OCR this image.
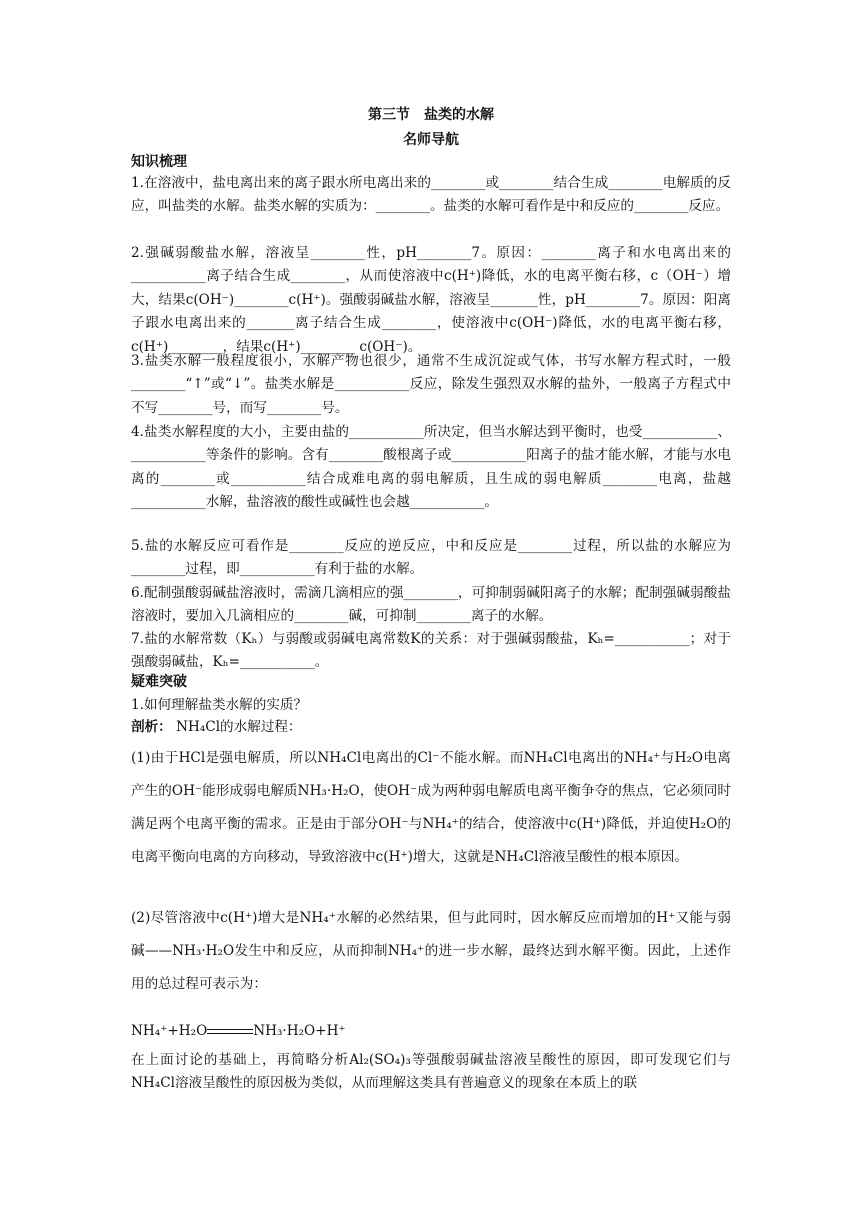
第三节　盐类的水解
名师导航
知识梳理
1.在溶液中，盐电离出来的离子跟水所电离出来的________或________结合生成________电解质的反应，叫盐类的水解。盐类水解的实质为：________。盐类的水解可看作是中和反应的________反应。
2.强碱弱酸盐水解，溶液呈________性，pH________7。原因：________离子和水电离出来的___________离子结合生成________，从而使溶液中c(H⁺)降低，水的电离平衡右移，c（OH⁻）增大，结果c(OH⁻)________c(H⁺)。强酸弱碱盐水解，溶液呈_______性，pH________7。原因：阳离子跟水电离出来的_______离子结合生成________，使溶液中c(OH⁻)降低，水的电离平衡右移，c(H⁺)________，结果c(H⁺)________ c(OH⁻)。
3.盐类水解一般程度很小，水解产物也很少，通常不生成沉淀或气体，书写水解方程式时，一般________“↑”或“↓”。盐类水解是___________反应，除发生强烈双水解的盐外，一般离子方程式中不写________号，而写________号。
4.盐类水解程度的大小，主要由盐的___________所决定，但当水解达到平衡时，也受___________、___________等条件的影响。含有________酸根离子或___________阳离子的盐才能水解，才能与水电离的________或___________结合成难电离的弱电解质，且生成的弱电解质________电离，盐越___________水解，盐溶液的酸性或碱性也会越___________。
5.盐的水解反应可看作是________反应的逆反应，中和反应是________过程，所以盐的水解应为________过程，即___________有利于盐的水解。
6.配制强酸弱碱盐溶液时，需滴几滴相应的强________，可抑制弱碱阳离子的水解；配制强碱弱酸盐溶液时，要加入几滴相应的________碱，可抑制________离子的水解。
7.盐的水解常数（Kₕ）与弱酸或弱碱电离常数K的关系：对于强碱弱酸盐，Kₕ=___________；对于强酸弱碱盐，Kₕ=___________。
疑难突破
1.如何理解盐类水解的实质？
剖析： NH₄Cl的水解过程：
(1)由于HCl是强电解质，所以NH₄Cl电离出的Cl⁻不能水解。而NH₄Cl电离出的NH₄⁺与H₂O电离产生的OH⁻能形成弱电解质NH₃·H₂O，使OH⁻成为两种弱电解质电离平衡争夺的焦点，它必须同时满足两个电离平衡的需求。正是由于部分OH⁻与NH₄⁺的结合，使溶液中c(H⁺)降低，并迫使H₂O的电离平衡向电离的方向移动，导致溶液中c(H⁺)增大，这就是NH₄Cl溶液呈酸性的根本原因。
(2)尽管溶液中c(H⁺)增大是NH₄⁺水解的必然结果，但与此同时，因水解反应而增加的H⁺又能与弱碱——NH₃·H₂O发生中和反应，从而抑制NH₄⁺的进一步水解，最终达到水解平衡。因此，上述作用的总过程可表示为：
NH₄⁺+H₂O	NH₃·H₂O+H⁺
在上面讨论的基础上，再简略分析Al₂(SO₄)₃等强酸弱碱盐溶液呈酸性的原因，即可发现它们与NH₄Cl溶液呈酸性的原因极为类似，从而理解这类具有普遍意义的现象在本质上的联
